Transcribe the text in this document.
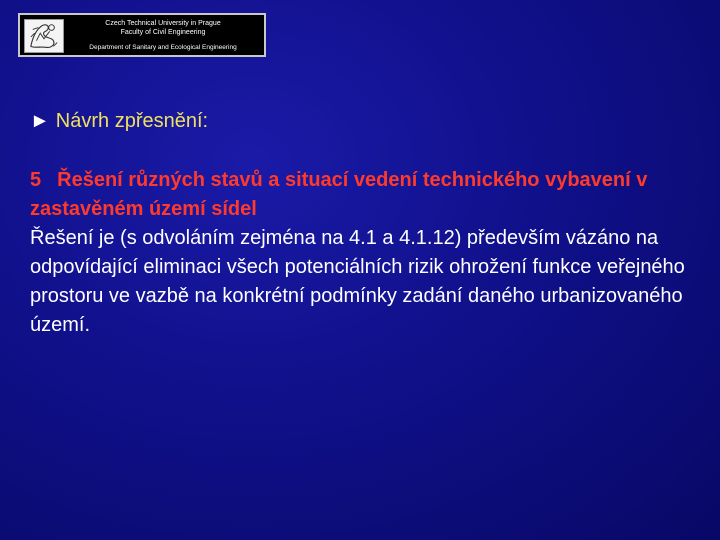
Czech Technical University in Prague
Faculty of Civil Engineering
Department of Sanitary and Ecological Engineering
► Návrh zpřesnění:
5 Řešení různých stavů a situací vedení technického vybavení v zastavěném území sídel
Řešení je (s odvoláním zejména na 4.1 a 4.1.12) především vázáno na odpovídající eliminaci všech potenciálních rizik ohrožení funkce veřejného prostoru ve vazbě na konkrétní podmínky zadání daného urbanizovaného území.
